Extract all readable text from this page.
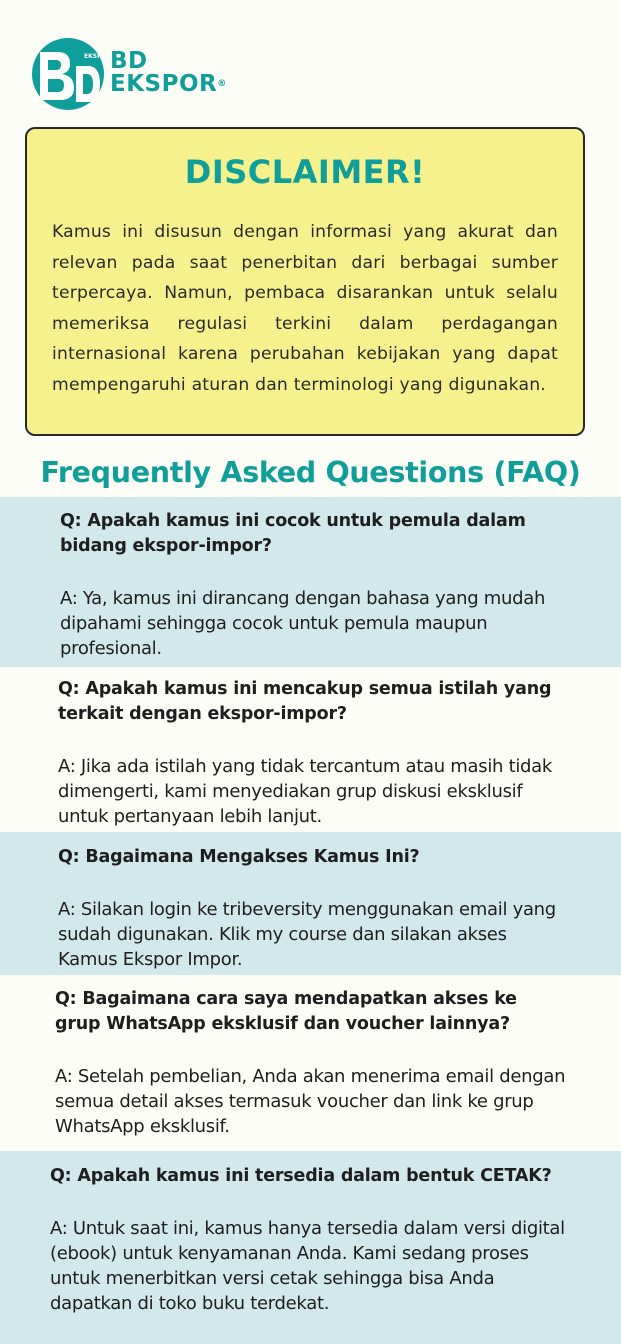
EKSPOR
BD
EKSPOR®
DISCLAIMER!

Kamus ini disusun dengan informasi yang akurat dan relevan pada saat penerbitan dari berbagai sumber terpercaya. Namun, pembaca disarankan untuk selalu memeriksa regulasi terkini dalam perdagangan internasional karena perubahan kebijakan yang dapat mempengaruhi aturan dan terminologi yang digunakan.

Frequently Asked Questions (FAQ)

Q: Apakah kamus ini cocok untuk pemula dalam bidang ekspor-impor?

A: Ya, kamus ini dirancang dengan bahasa yang mudah dipahami sehingga cocok untuk pemula maupun profesional.

Q: Apakah kamus ini mencakup semua istilah yang terkait dengan ekspor-impor?

A: Jika ada istilah yang tidak tercantum atau masih tidak dimengerti, kami menyediakan grup diskusi eksklusif untuk pertanyaan lebih lanjut.

Q: Bagaimana Mengakses Kamus Ini?

A: Silakan login ke tribeversity menggunakan email yang sudah digunakan. Klik my course dan silakan akses Kamus Ekspor Impor.

Q: Bagaimana cara saya mendapatkan akses ke grup WhatsApp eksklusif dan voucher lainnya?

A: Setelah pembelian, Anda akan menerima email dengan semua detail akses termasuk voucher dan link ke grup WhatsApp eksklusif.

Q: Apakah kamus ini tersedia dalam bentuk CETAK?

A: Untuk saat ini, kamus hanya tersedia dalam versi digital (ebook) untuk kenyamanan Anda. Kami sedang proses untuk menerbitkan versi cetak sehingga bisa Anda dapatkan di toko buku terdekat.
